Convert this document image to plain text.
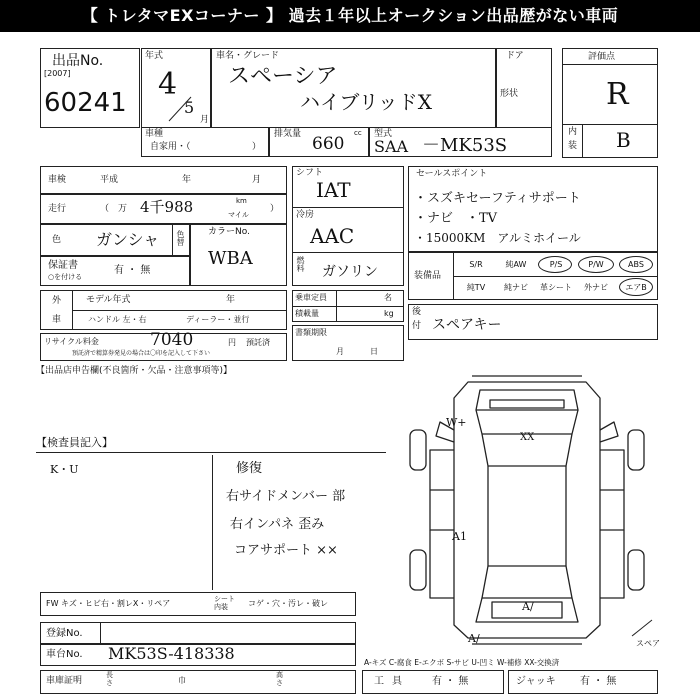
【 トレタマEXコーナー 】 過去１年以上オークション出品歴がない車両
出品No.
[2007]
60241
年式
4
5
月
車名・グレード
スペーシア
ハイブリッドX
ドア
形状
評価点
R
内
装 B
車種
自家用・（	）
排気量 660
cc 型式
SAA －MK53S
車検	平成	年	月
走行	（ 万 4千988	km
マイル
）
色 ガンシャ 色替	カラーNo.
WBA
保証書
○を付ける
有 ・ 無
外
車
モデル年式	年
ハンドル 左・右	ディーラー・並行
リサイクル料金	7040	円 預託済
預託済で精算券発見の場合は〇印を記入して下さい
シフト
IAT
冷房
AAC
燃料 ガソリン
乗車定員	名
積載量	kg
書類期限
月日
セールスポイント
・スズキセーフティサポート
・ナビ　・TV
・15000KM　アルミホイール
装備品
S/R	純AW	P/S	P/W	ABS
純TV	純ナビ	革シート	外ナビ	エアB
後
付 スペアキー
【出品店申告欄(不良箇所・欠品・注意事項等)】
【検査員記入】
K・U	修復
右サイドメンバー 部
右インパネ 歪み
コアサポート ××
FW キズ・ヒビ右・割レX・リペア	シート内装	コゲ・穴・汚レ・破レ
登録No.
車台No. MK53S-418338
車庫証明
長さ	巾
高さ
A-キズ C-腐食 E-エクボ S-サビ U-凹ミ W-補修 XX-交換済
工具 有 ・ 無	ジャッキ 有 ・ 無
W+
XX
A1
A/
A/	スペア
